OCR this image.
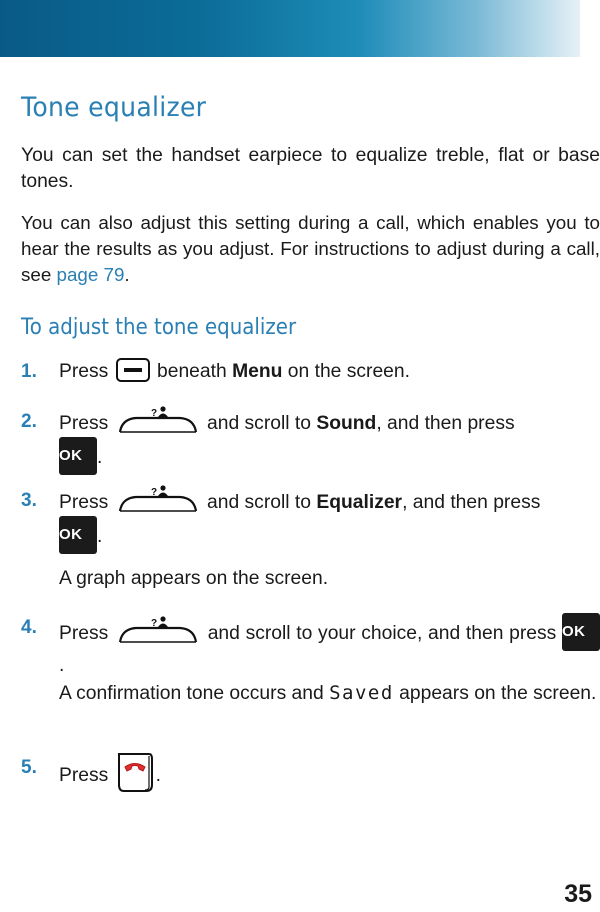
Tone equalizer

You can set the handset earpiece to equalize treble, flat or base tones.

You can also adjust this setting during a call, which enables you to hear the results as you adjust. For instructions to adjust during a call, see page 79.

To adjust the tone equalizer
1. Press	beneath Menu on the screen.

2. Press	?	and scroll to Sound, and then press
OK .

3. Press	?	and scroll to Equalizer, and then press
OK .

A graph appears on the screen.

4. Press	?	and scroll to your choice, and then press OK.

A confirmation tone occurs and Saved appears on the screen.

5. Press .

35
